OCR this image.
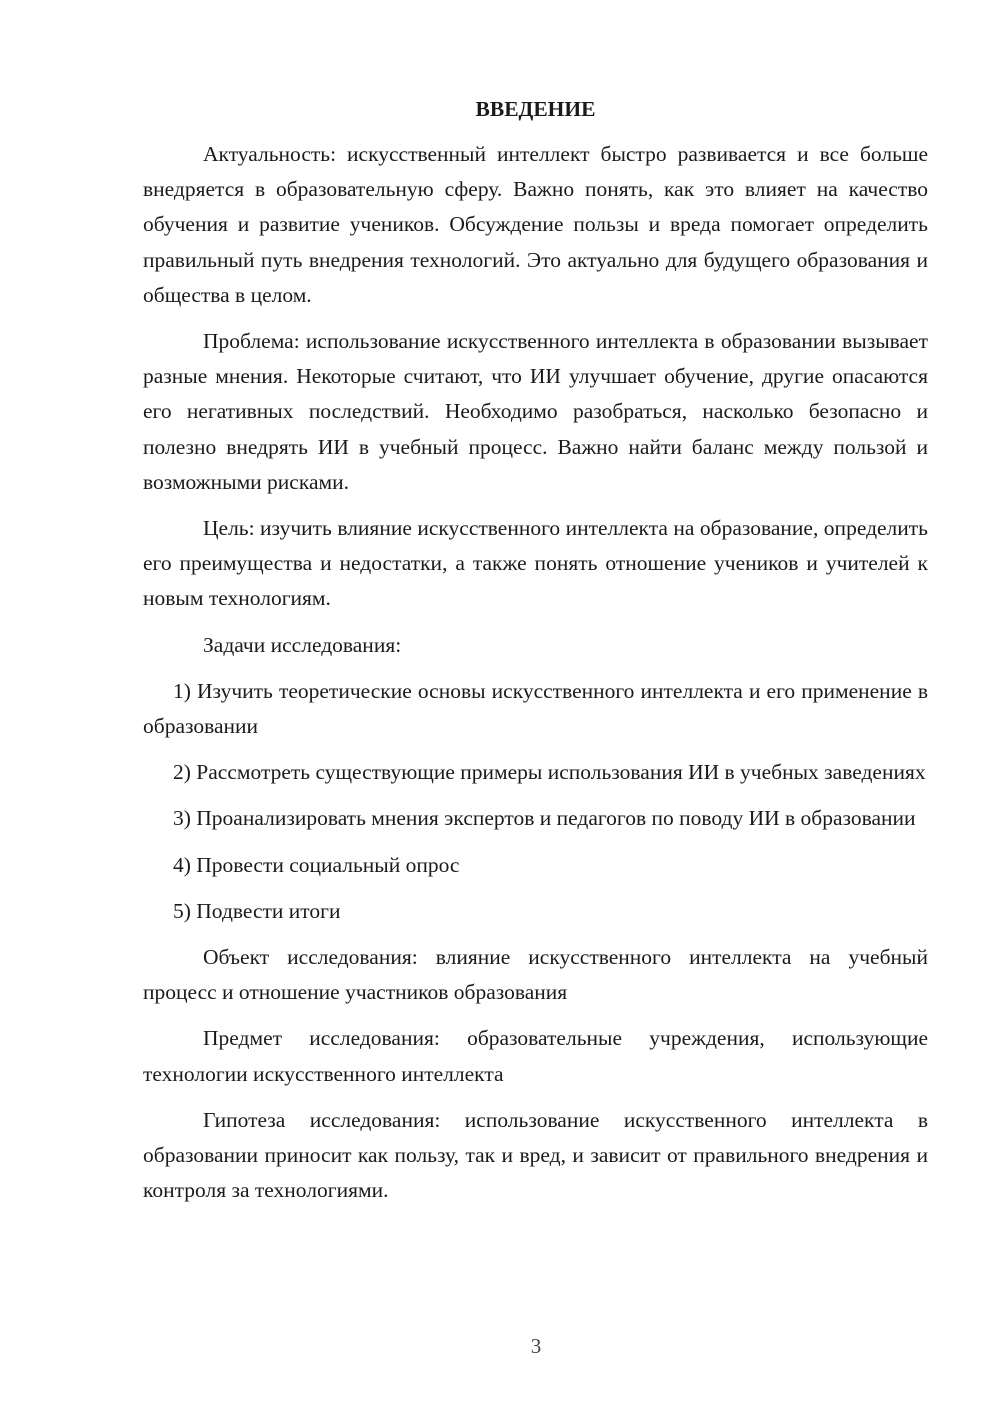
ВВЕДЕНИЕ

Актуальность: искусственный интеллект быстро развивается и все больше внедряется в образовательную сферу. Важно понять, как это влияет на качество обучения и развитие учеников. Обсуждение пользы и вреда помогает определить правильный путь внедрения технологий. Это актуально для будущего образования и общества в целом.

Проблема: использование искусственного интеллекта в образовании вызывает разные мнения. Некоторые считают, что ИИ улучшает обучение, другие опасаются его негативных последствий. Необходимо разобраться, насколько безопасно и полезно внедрять ИИ в учебный процесс. Важно найти баланс между пользой и возможными рисками.

Цель: изучить влияние искусственного интеллекта на образование, определить его преимущества и недостатки, а также понять отношение учеников и учителей к новым технологиям.

Задачи исследования:

1) Изучить теоретические основы искусственного интеллекта и его применение в образовании

2) Рассмотреть существующие примеры использования ИИ в учебных заведениях

3) Проанализировать мнения экспертов и педагогов по поводу ИИ в образовании

4) Провести социальный опрос

5) Подвести итоги

Объект исследования: влияние искусственного интеллекта на учебный процесс и отношение участников образования

Предмет исследования: образовательные учреждения, использующие технологии искусственного интеллекта

Гипотеза исследования: использование искусственного интеллекта в образовании приносит как пользу, так и вред, и зависит от правильного внедрения и контроля за технологиями.

3
